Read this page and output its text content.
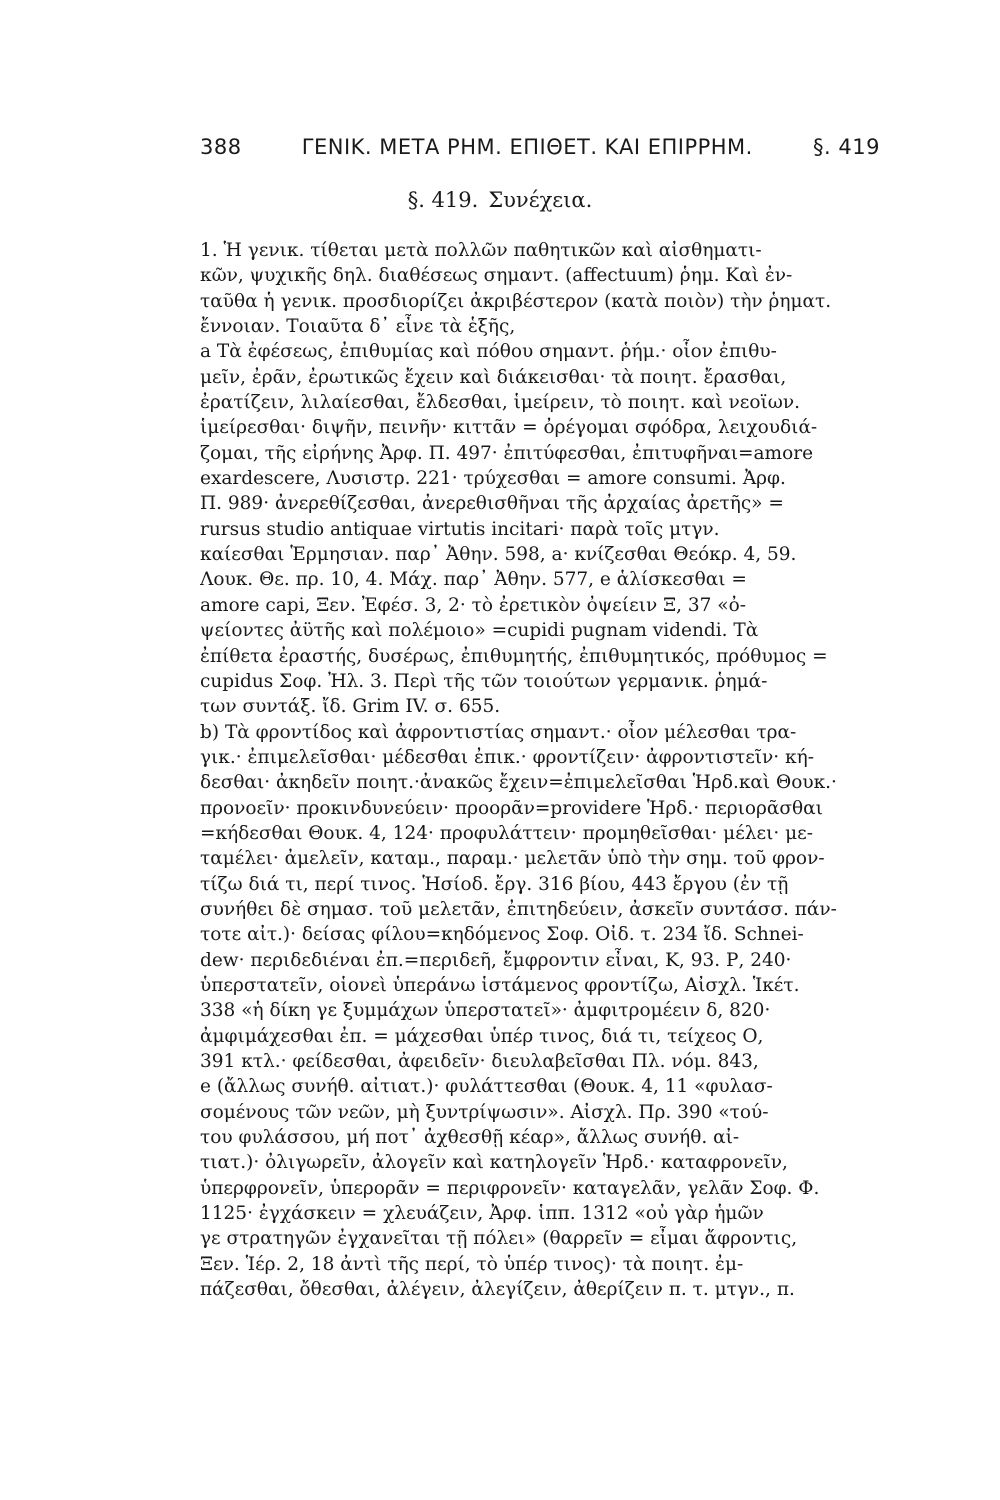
388	ΓΕΝΙΚ. ΜΕΤΑ ΡΗΜ. ΕΠΙΘΕΤ. ΚΑΙ ΕΠΙΡΡΗΜ.	§. 419
§. 419. Συνέχεια.
1. Ἡ γενικ. τίθεται μετὰ πολλῶν παθητικῶν καὶ αἰσθηματι-
κῶν, ψυχικῆς δηλ. διαθέσεως σημαντ. (affectuum) ῥημ. Καὶ ἐν-
ταῦθα ἡ γενικ. προσδιορίζει ἀκριβέστερον (κατὰ ποιὸν) τὴν ῥηματ.
ἔννοιαν. Τοιαῦτα δ᾽ εἶνε τὰ ἑξῆς,
a Τὰ ἐφέσεως, ἐπιθυμίας καὶ πόθου σημαντ. ῥήμ.· οἷον ἐπιθυ-
μεῖν, ἐρᾶν, ἐρωτικῶς ἔχειν καὶ διάκεισθαι· τὰ ποιητ. ἔρασθαι,
ἐρατίζειν, λιλαίεσθαι, ἔλδεσθαι, ἱμείρειν, τὸ ποιητ. καὶ νεοϊων.
ἱμείρεσθαι· διψῆν, πεινῆν· κιττᾶν = ὀρέγομαι σφόδρα, λειχουδιά-
ζομαι, τῆς εἰρήνης Ἀρφ. Π. 497· ἐπιτύφεσθαι, ἐπιτυφῆναι=amore
exardescere, Λυσιστρ. 221· τρύχεσθαι = amore consumi. Ἀρφ.
Π. 989· ἀνερεθίζεσθαι, ἀνερεθισθῆναι τῆς ἀρχαίας ἀρετῆς» =
rursus studio antiquae virtutis incitari· παρὰ τοῖς μτγν.
καίεσθαι Ἑρμησιαν. παρ᾽ Ἀθην. 598, a· κνίζεσθαι Θεόκρ. 4, 59.
Λουκ. Θε. πρ. 10, 4. Μάχ. παρ᾽ Ἀθην. 577, e ἁλίσκεσθαι =
amore capi, Ξεν. Ἐφέσ. 3, 2· τὸ ἐρετικὸν ὀψείειν Ξ, 37 «ὀ-
ψείοντες ἀϋτῆς καὶ πολέμοιο» =cupidi pugnam videndi. Τὰ
ἐπίθετα ἐραστής, δυσέρως, ἐπιθυμητής, ἐπιθυμητικός, πρόθυμος =
cupidus Σοφ. Ἠλ. 3. Περὶ τῆς τῶν τοιούτων γερμανικ. ῥημά-
των συντάξ. ἴδ. Grim IV. σ. 655.
b) Τὰ φροντίδος καὶ ἀφροντιστίας σημαντ.· οἷον μέλεσθαι τρα-
γικ.· ἐπιμελεῖσθαι· μέδεσθαι ἐπικ.· φροντίζειν· ἀφροντιστεῖν· κή-
δεσθαι· ἀκηδεῖν ποιητ.·ἀνακῶς ἔχειν=ἐπιμελεῖσθαι Ἡρδ.καὶ Θουκ.·
προνοεῖν· προκινδυνεύειν· προορᾶν=providere Ἡρδ.· περιορᾶσθαι
=κήδεσθαι Θουκ. 4, 124· προφυλάττειν· προμηθεῖσθαι· μέλει· με-
ταμέλει· ἀμελεῖν, καταμ., παραμ.· μελετᾶν ὑπὸ τὴν σημ. τοῦ φρον-
τίζω διά τι, περί τινος. Ἡσίοδ. ἔργ. 316 βίου, 443 ἔργου (ἐν τῇ
συνήθει δὲ σημασ. τοῦ μελετᾶν, ἐπιτηδεύειν, ἀσκεῖν συντάσσ. πάν-
τοτε αἰτ.)· δείσας φίλου=κηδόμενος Σοφ. Οἰδ. τ. 234 ἴδ. Schnei-
dew· περιδεδιέναι ἐπ.=περιδεῆ, ἔμφροντιν εἶναι, Κ, 93. Ρ, 240·
ὑπερστατεῖν, οἱονεὶ ὑπεράνω ἱστάμενος φροντίζω, Αἰσχλ. Ἱκέτ.
338 «ἡ δίκη γε ξυμμάχων ὑπερστατεῖ»· ἀμφιτρομέειν δ, 820·
ἀμφιμάχεσθαι ἐπ. = μάχεσθαι ὑπέρ τινος, διά τι, τείχεος Ο,
391 κτλ.· φείδεσθαι, ἀφειδεῖν· διευλαβεῖσθαι Πλ. νόμ. 843,
e (ἄλλως συνήθ. αἰτιατ.)· φυλάττεσθαι (Θουκ. 4, 11 «φυλασ-
σομένους τῶν νεῶν, μὴ ξυντρίψωσιν». Αἰσχλ. Πρ. 390 «τού-
του φυλάσσου, μή ποτ᾽ ἀχθεσθῇ κέαρ», ἄλλως συνήθ. αἰ-
τιατ.)· ὀλιγωρεῖν, ἀλογεῖν καὶ κατηλογεῖν Ἡρδ.· καταφρονεῖν,
ὑπερφρονεῖν, ὑπερορᾶν = περιφρονεῖν· καταγελᾶν, γελᾶν Σοφ. Φ.
1125· ἐγχάσκειν = χλευάζειν, Ἀρφ. ἱππ. 1312 «οὐ γὰρ ἡμῶν
γε στρατηγῶν ἐγχανεῖται τῇ πόλει» (θαρρεῖν = εἶμαι ἄφροντις,
Ξεν. Ἱέρ. 2, 18 ἀντὶ τῆς περί, τὸ ὑπέρ τινος)· τὰ ποιητ. ἐμ-
πάζεσθαι, ὄθεσθαι, ἀλέγειν, ἀλεγίζειν, ἀθερίζειν π. τ. μτγν., π.
